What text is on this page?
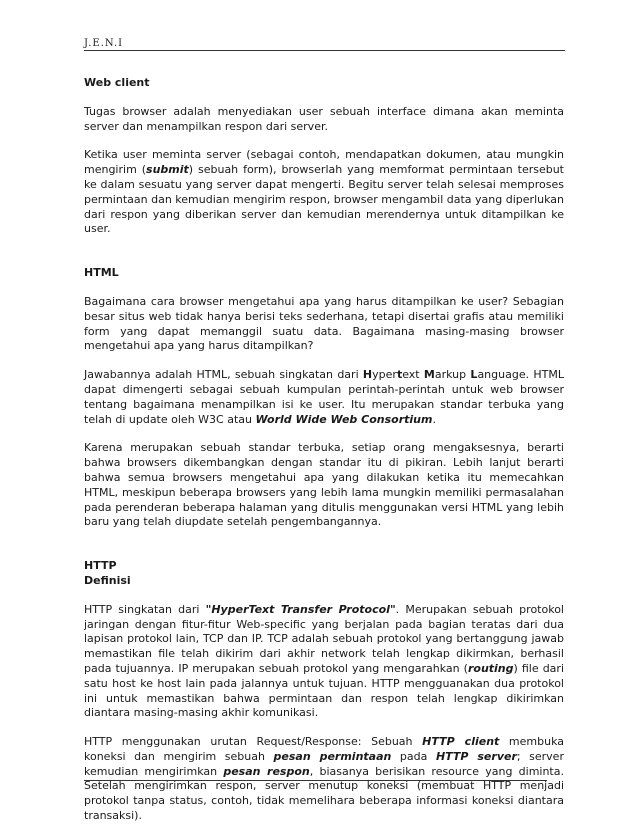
J.E.N.I

Web client

Tugas browser adalah menyediakan user sebuah interface dimana akan meminta server dan menampilkan respon dari server.

Ketika user meminta server (sebagai contoh, mendapatkan dokumen, atau mungkin mengirim (submit) sebuah form), browserlah yang memformat permintaan tersebut ke dalam sesuatu yang server dapat mengerti. Begitu server telah selesai memproses permintaan dan kemudian mengirim respon, browser mengambil data yang diperlukan dari respon yang diberikan server dan kemudian merendernya untuk ditampilkan ke user.

HTML

Bagaimana cara browser mengetahui apa yang harus ditampilkan ke user? Sebagian besar situs web tidak hanya berisi teks sederhana, tetapi disertai grafis atau memiliki form yang dapat memanggil suatu data. Bagaimana masing-masing browser mengetahui apa yang harus ditampilkan?

Jawabannya adalah HTML, sebuah singkatan dari Hypertext Markup Language. HTML dapat dimengerti sebagai sebuah kumpulan perintah-perintah untuk web browser tentang bagaimana menampilkan isi ke user. Itu merupakan standar terbuka yang telah di update oleh W3C atau World Wide Web Consortium.

Karena merupakan sebuah standar terbuka, setiap orang mengaksesnya, berarti bahwa browsers dikembangkan dengan standar itu di pikiran. Lebih lanjut berarti bahwa semua browsers mengetahui apa yang dilakukan ketika itu memecahkan HTML, meskipun beberapa browsers yang lebih lama mungkin memiliki permasalahan pada perenderan beberapa halaman yang ditulis menggunakan versi HTML yang lebih baru yang telah diupdate setelah pengembangannya.

HTTP

Definisi

HTTP singkatan dari "HyperText Transfer Protocol". Merupakan sebuah protokol jaringan dengan fitur-fitur Web-specific yang berjalan pada bagian teratas dari dua lapisan protokol lain, TCP dan IP. TCP adalah sebuah protokol yang bertanggung jawab memastikan file telah dikirim dari akhir network telah lengkap dikirmkan, berhasil pada tujuannya. IP merupakan sebuah protokol yang mengarahkan (routing) file dari satu host ke host lain pada jalannya untuk tujuan. HTTP mengguanakan dua protokol ini untuk memastikan bahwa permintaan dan respon telah lengkap dikirimkan diantara masing-masing akhir komunikasi.

HTTP menggunakan urutan Request/Response: Sebuah HTTP client membuka koneksi dan mengirim sebuah pesan permintaan pada HTTP server; server kemudian mengirimkan pesan respon, biasanya berisikan resource yang diminta. Setelah mengirimkan respon, server menutup koneksi (membuat HTTP menjadi protokol tanpa status, contoh, tidak memelihara beberapa informasi koneksi diantara transaksi).
